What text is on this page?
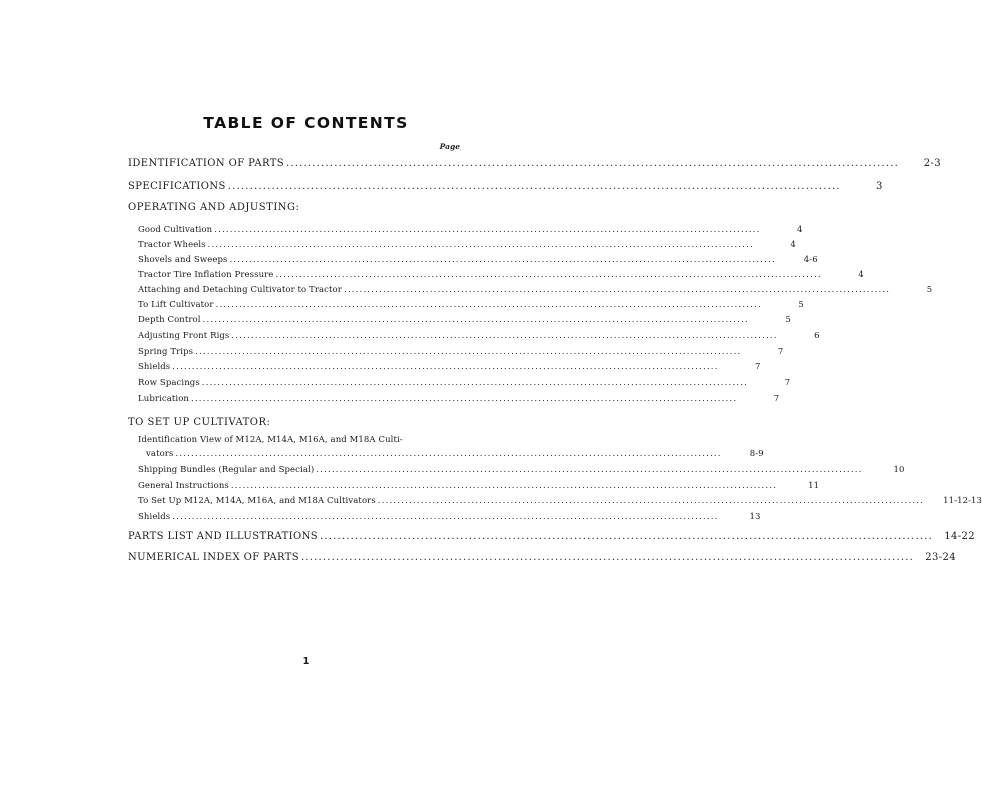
TABLE OF CONTENTS
Page
IDENTIFICATION OF PARTS ............................................................................................................................................	2-3
SPECIFICATIONS ............................................................................................................................................	3
OPERATING AND ADJUSTING:
Good Cultivation ............................................................................................................................................	4
Tractor Wheels ............................................................................................................................................	4
Shovels and Sweeps ............................................................................................................................................	4-6
Tractor Tire Inflation Pressure ............................................................................................................................................	4
Attaching and Detaching Cultivator to Tractor ............................................................................................................................................	5
To Lift Cultivator ............................................................................................................................................	5
Depth Control ............................................................................................................................................	5
Adjusting Front Rigs ............................................................................................................................................	6
Spring Trips ............................................................................................................................................	7
Shields ............................................................................................................................................	7
Row Spacings ............................................................................................................................................	7
Lubrication ............................................................................................................................................	7
TO SET UP CULTIVATOR:
Identification View of M12A, M14A, M16A, and M18A Culti-
vators ............................................................................................................................................	8-9
Shipping Bundles (Regular and Special) ............................................................................................................................................	10
General Instructions ............................................................................................................................................	11
To Set Up M12A, M14A, M16A, and M18A Cultivators ............................................................................................................................................	11-12-13
Shields ............................................................................................................................................	13
PARTS LIST AND ILLUSTRATIONS ............................................................................................................................................	14-22
NUMERICAL INDEX OF PARTS ............................................................................................................................................	23-24
1
